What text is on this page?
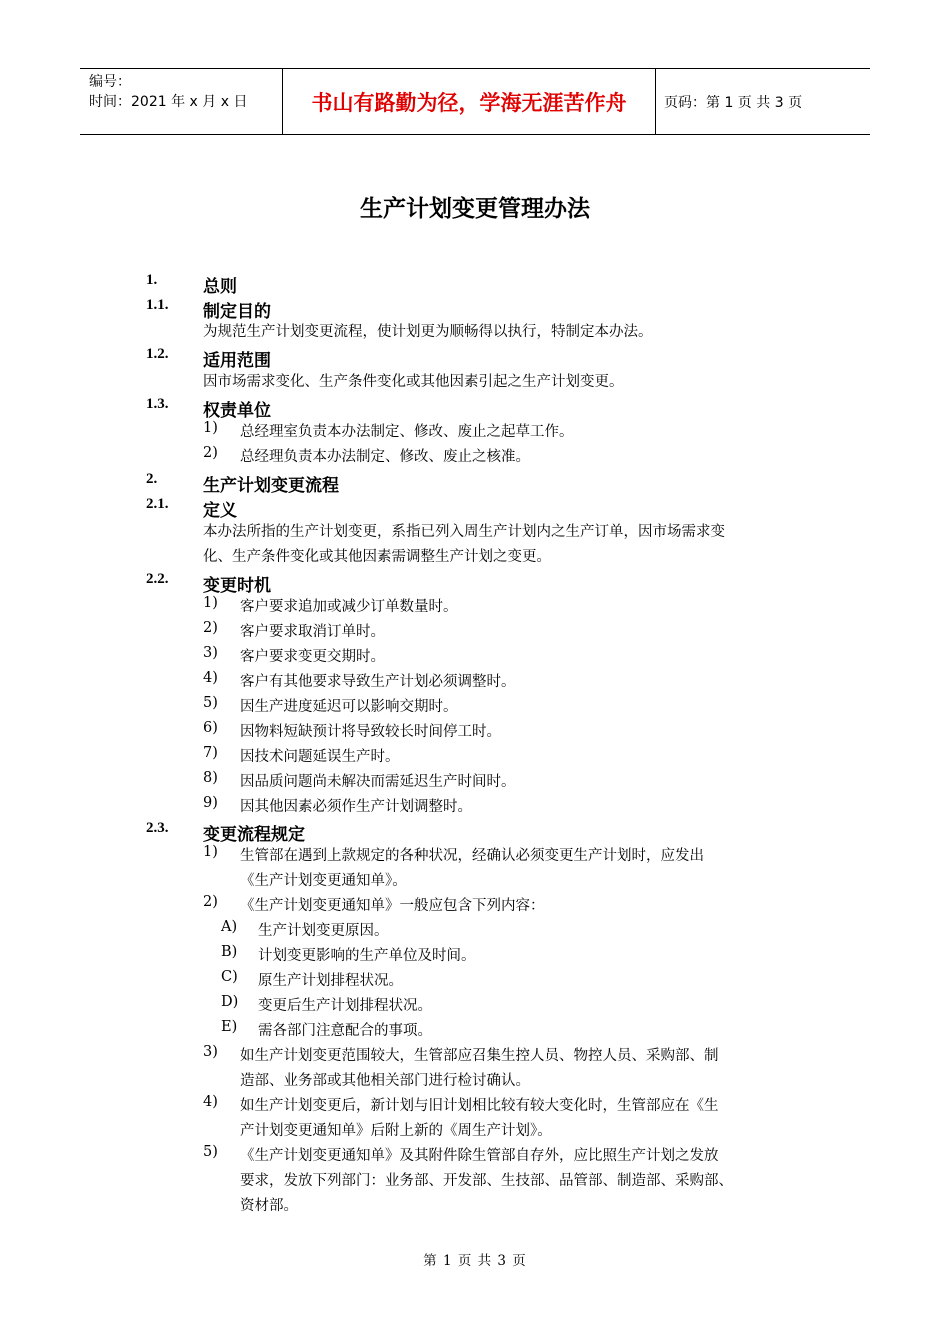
编号：
时间：2021 年 x 月 x 日	书山有路勤为径，学海无涯苦作舟	页码：第 1 页 共 3 页
生产计划变更管理办法
1.	总则
1.1. 制定目的
为规范生产计划变更流程，使计划更为顺畅得以执行，特制定本办法。
1.2. 适用范围
因市场需求变化、生产条件变化或其他因素引起之生产计划变更。
1.3. 权责单位
1) 总经理室负责本办法制定、修改、废止之起草工作。
2) 总经理负责本办法制定、修改、废止之核准。
2.	生产计划变更流程
2.1. 定义
本办法所指的生产计划变更，系指已列入周生产计划内之生产订单，因市场需求变
化、生产条件变化或其他因素需调整生产计划之变更。
2.2. 变更时机
1) 客户要求追加或减少订单数量时。
2) 客户要求取消订单时。
3) 客户要求变更交期时。
4) 客户有其他要求导致生产计划必须调整时。
5) 因生产进度延迟可以影响交期时。
6) 因物料短缺预计将导致较长时间停工时。
7) 因技术问题延误生产时。
8) 因品质问题尚未解决而需延迟生产时间时。
9) 因其他因素必须作生产计划调整时。
2.3. 变更流程规定
1) 生管部在遇到上款规定的各种状况，经确认必须变更生产计划时，应发出
《生产计划变更通知单》。
2) 《生产计划变更通知单》一般应包含下列内容：
A) 生产计划变更原因。
B) 计划变更影响的生产单位及时间。
C) 原生产计划排程状况。
D) 变更后生产计划排程状况。
E) 需各部门注意配合的事项。
3) 如生产计划变更范围较大，生管部应召集生控人员、物控人员、采购部、制
造部、业务部或其他相关部门进行检讨确认。
4) 如生产计划变更后，新计划与旧计划相比较有较大变化时，生管部应在《生
产计划变更通知单》后附上新的《周生产计划》。
5) 《生产计划变更通知单》及其附件除生管部自存外，应比照生产计划之发放
要求，发放下列部门：业务部、开发部、生技部、品管部、制造部、采购部、
资材部。
第 1 页 共 3 页
